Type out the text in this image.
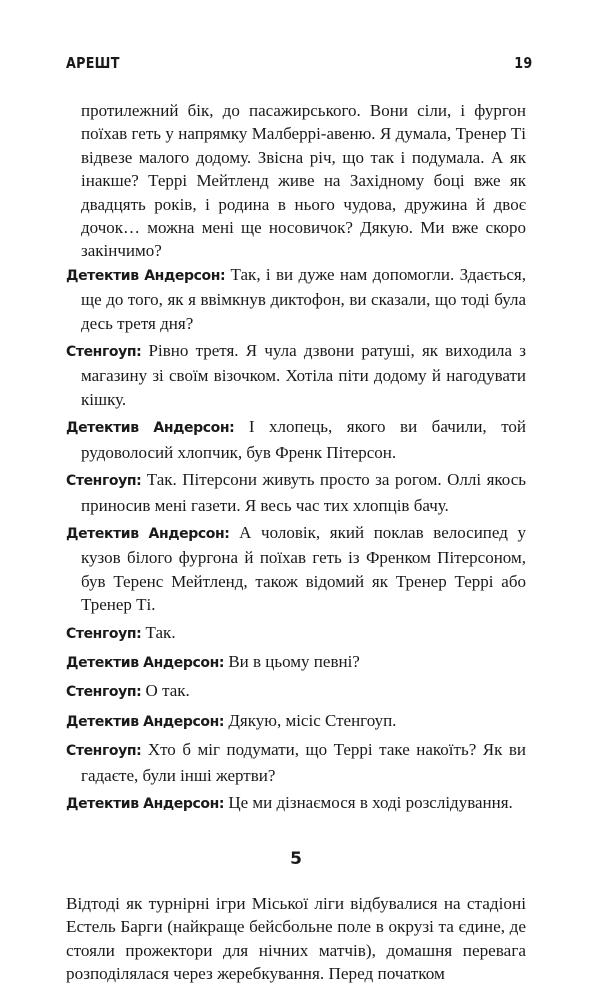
АРЕШТ	19

протилежний бік, до пасажирського. Вони сіли, і фургон поїхав геть у напрямку Малберрі-авеню. Я думала, Тренер Ті відвезе малого додому. Звісна річ, що так і подумала. А як інакше? Террі Мейтленд живе на Західному боці вже як двадцять років, і родина в нього чудова, дружина й двоє дочок… можна мені ще носовичок? Дякую. Ми вже скоро закінчимо?

Детектив Андерсон: Так, і ви дуже нам допомогли. Здається, ще до того, як я ввімкнув диктофон, ви сказали, що тоді була десь третя дня?

Стенгоуп: Рівно третя. Я чула дзвони ратуші, як виходила з магазину зі своїм візочком. Хотіла піти додому й нагодувати кішку.

Детектив Андерсон: І хлопець, якого ви бачили, той рудоволосий хлопчик, був Френк Пітерсон.

Стенгоуп: Так. Пітерсони живуть просто за рогом. Оллі якось приносив мені газети. Я весь час тих хлопців бачу.

Детектив Андерсон: А чоловік, який поклав велосипед у кузов білого фургона й поїхав геть із Френком Пітерсоном, був Теренс Мейтленд, також відомий як Тренер Террі або Тренер Ті.

Стенгоуп: Так.

Детектив Андерсон: Ви в цьому певні?

Стенгоуп: О так.

Детектив Андерсон: Дякую, місіс Стенгоуп.

Стенгоуп: Хто б міг подумати, що Террі таке накоїть? Як ви гадаєте, були інші жертви?

Детектив Андерсон: Це ми дізнаємося в ході розслідування.

5

Відтоді як турнірні ігри Міської ліги відбувалися на стадіоні Естель Барги (найкраще бейсбольне поле в окрузі та єдине, де стояли прожектори для нічних матчів), домашня перевага розподілялася через жеребкування. Перед початком
